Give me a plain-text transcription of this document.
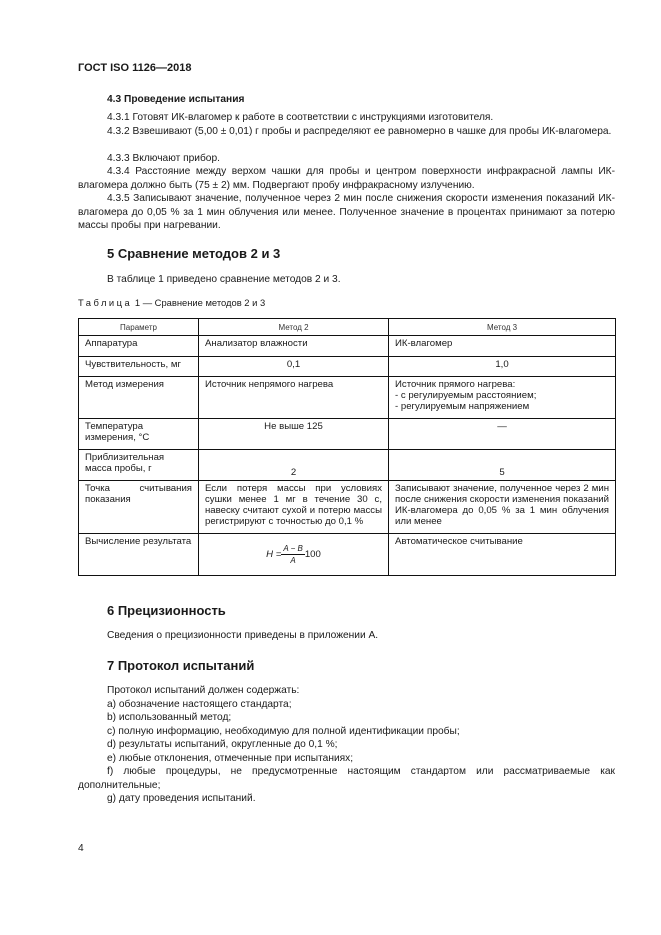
ГОСТ ISO 1126—2018
4.3 Проведение испытания
4.3.1 Готовят ИК-влагомер к работе в соответствии с инструкциями изготовителя.
4.3.2 Взвешивают (5,00 ± 0,01) г пробы и распределяют ее равномерно в чашке для пробы ИК-влагомера.
4.3.3 Включают прибор.
4.3.4 Расстояние между верхом чашки для пробы и центром поверхности инфракрасной лампы ИК-влагомера должно быть (75 ± 2) мм. Подвергают пробу инфракрасному излучению.
4.3.5 Записывают значение, полученное через 2 мин после снижения скорости изменения показаний ИК-влагомера до 0,05 % за 1 мин облучения или менее. Полученное значение в процентах принимают за потерю массы пробы при нагревании.
5 Сравнение методов 2 и 3
В таблице 1 приведено сравнение методов 2 и 3.
Таблица 1 — Сравнение методов 2 и 3
Параметр	Метод 2	Метод 3
Аппаратура	Анализатор влажности	ИК-влагомер
Чувствительность, мг	0,1	1,0
Метод измерения	Источник непрямого нагрева	Источник прямого нагрева:
- с регулируемым расстоянием;
- регулируемым напряжением

Температура измерения, °С	Не выше 125	—
Приблизительная масса пробы, г	2	5
Точка считывания показания	Если потеря массы при условиях сушки менее 1 мг в течение 30 с, навеску считают сухой и потерю массы регистрируют с точностью до 0,1 %	Записывают значение, полученное через 2 мин после снижения скорости изменения показаний ИК-влагомера до 0,05 % за 1 мин облучения или менее
Вычисление результата	$H = \frac{A - B}{A} 100$	Автоматическое считывание
6 Прецизионность
Сведения о прецизионности приведены в приложении А.
7 Протокол испытаний
Протокол испытаний должен содержать:
a) обозначение настоящего стандарта;
b) использованный метод;
c) полную информацию, необходимую для полной идентификации пробы;
d) результаты испытаний, округленные до 0,1 %;
e) любые отклонения, отмеченные при испытаниях;
f) любые процедуры, не предусмотренные настоящим стандартом или рассматриваемые как дополнительные;
g) дату проведения испытаний.
4
